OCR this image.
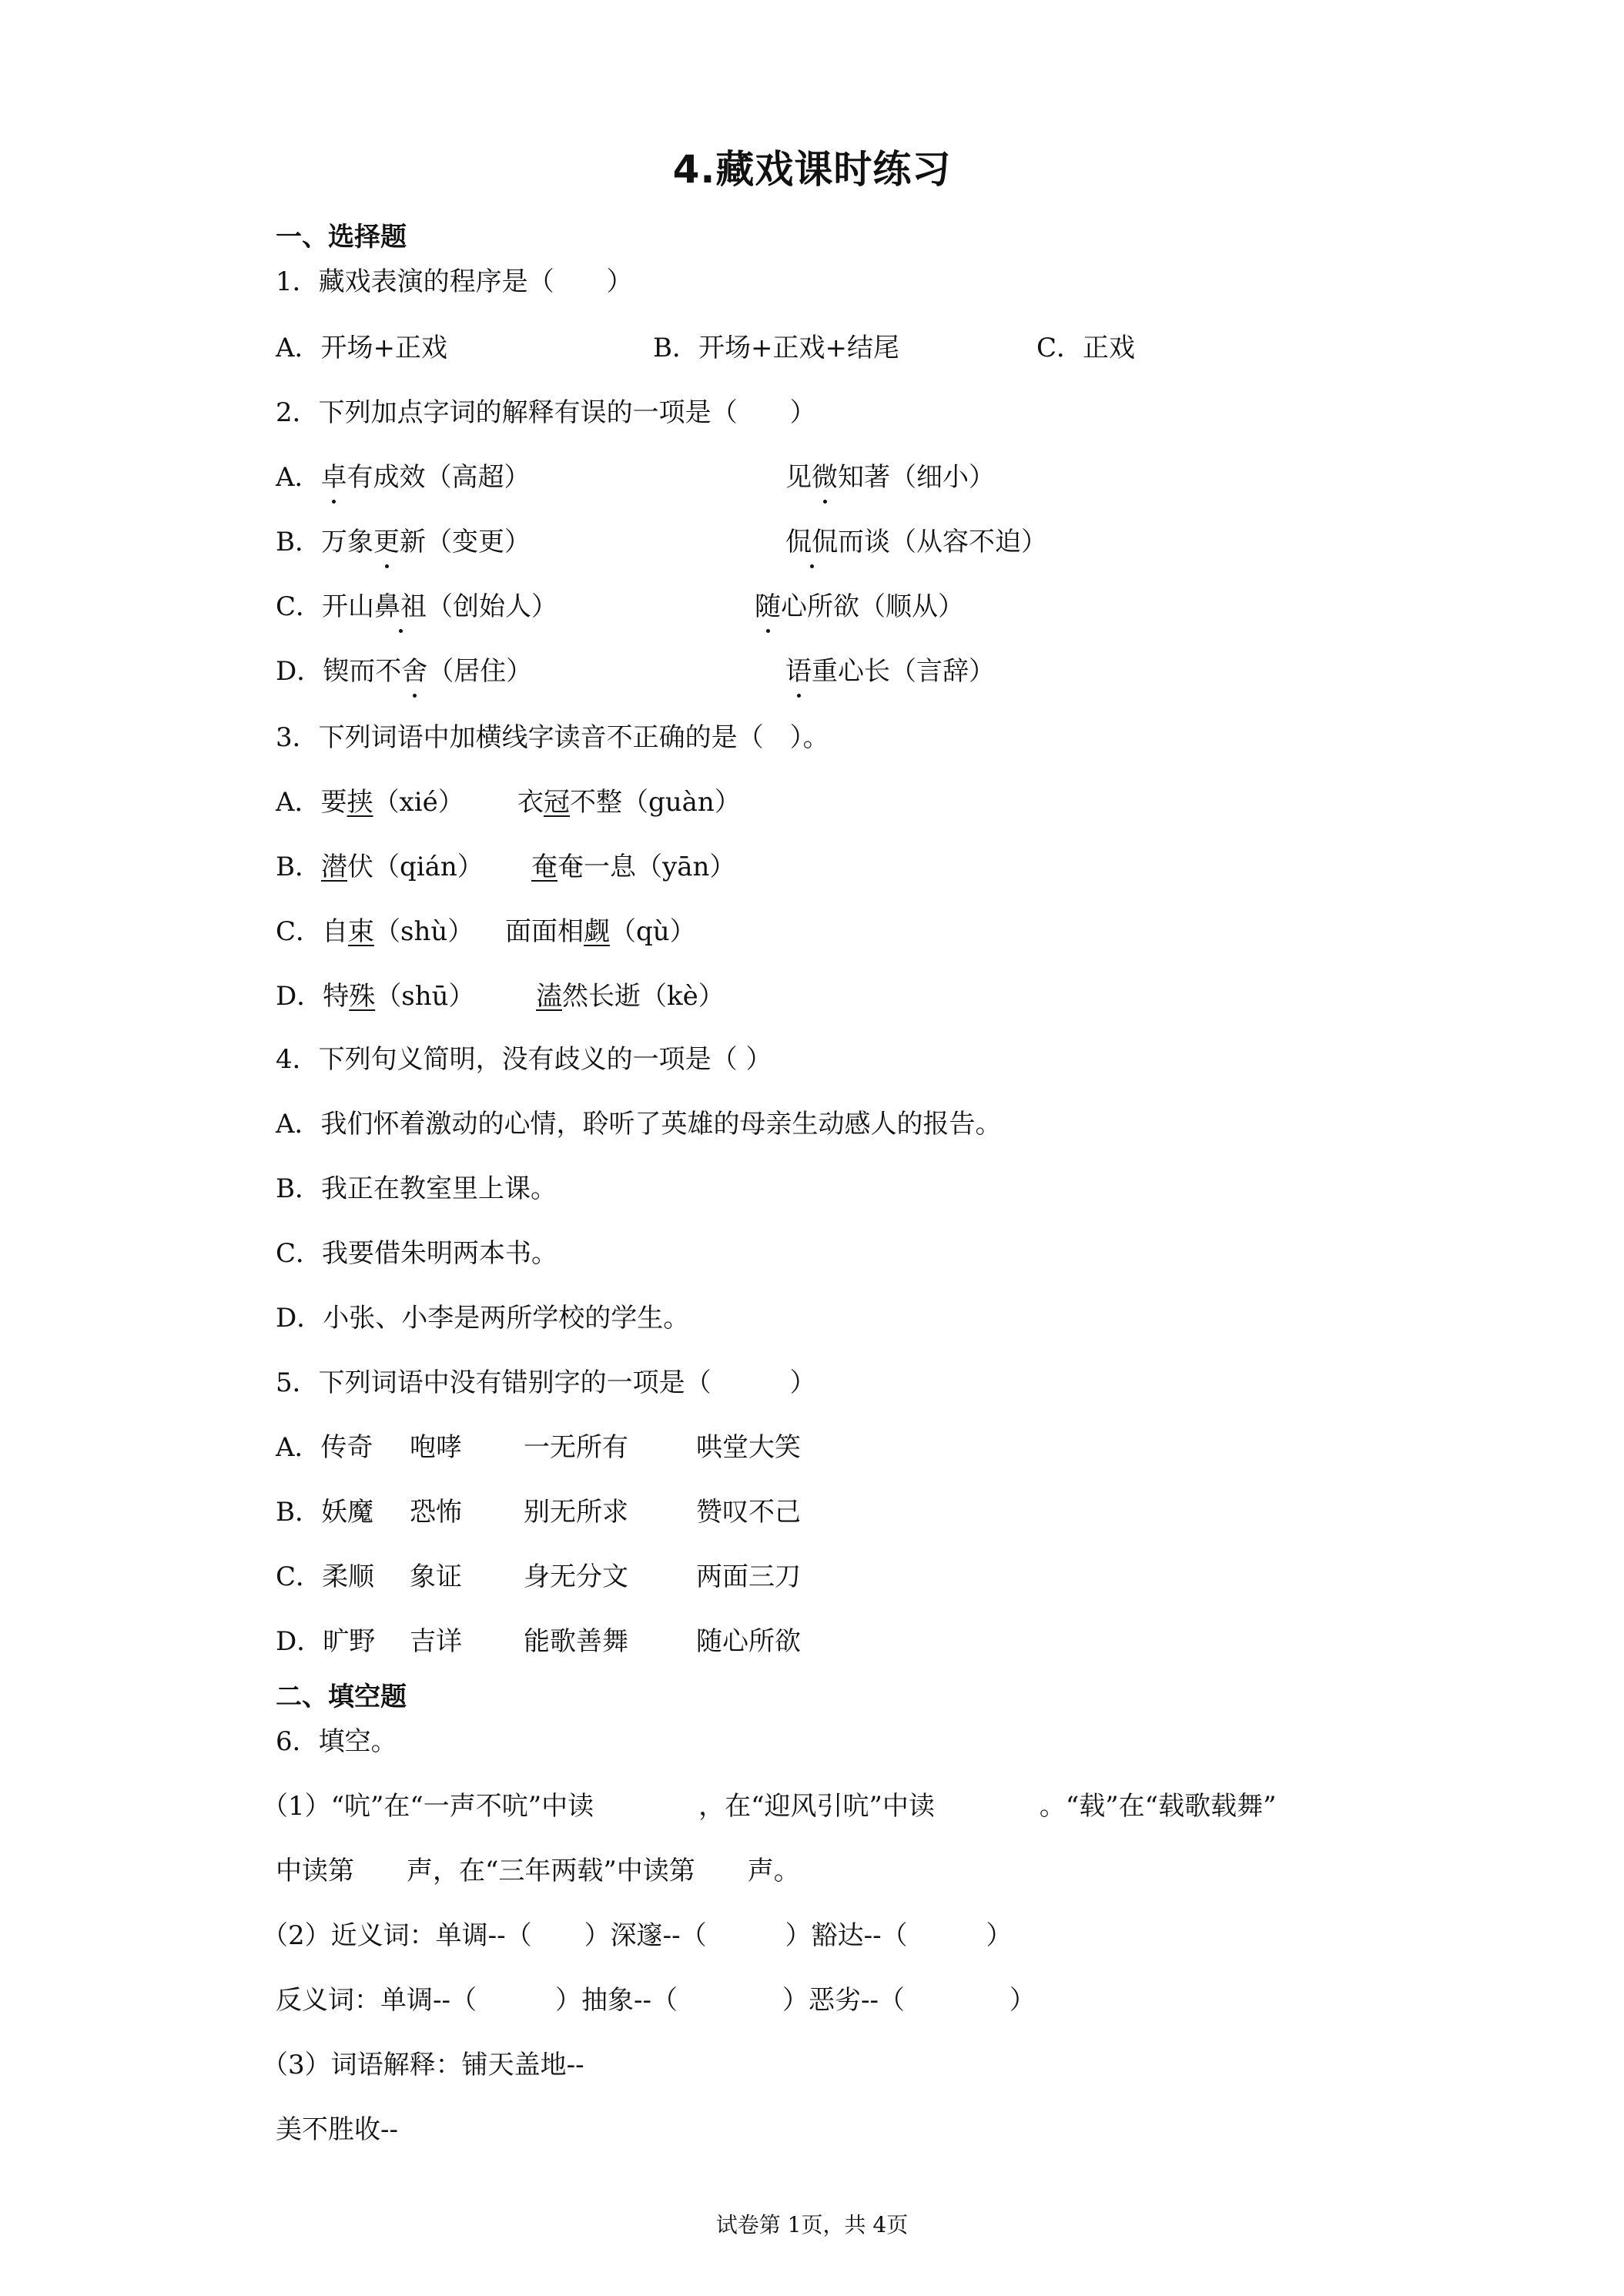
4.藏戏课时练习
一、选择题
1．藏戏表演的程序是（　　）
A．开场+正戏	B．开场+正戏+结尾	C．正戏
2．下列加点字词的解释有误的一项是（　　）
A．卓有成效（高超）	见微知著（细小）
B．万象更新（变更）	侃侃而谈（从容不迫）
C．开山鼻祖（创始人）	随心所欲（顺从）
D．锲而不舍（居住）	语重心长（言辞）
3．下列词语中加横线字读音不正确的是（　）。
A．要挟（xié） 衣冠不整（guàn）
B．潜伏（qián） 奄奄一息（yān）
C．自束（shù） 面面相觑（qù）
D．特殊（shū） 溘然长逝（kè）
4．下列句义简明，没有歧义的一项是（ ）
A．我们怀着激动的心情，聆听了英雄的母亲生动感人的报告。
B．我正在教室里上课。
C．我要借朱明两本书。
D．小张、小李是两所学校的学生。
5．下列词语中没有错别字的一项是（　　　）
A．传奇 咆哮 一无所有	哄堂大笑
B．妖魔 恐怖 别无所求	赞叹不己
C．柔顺 象证 身无分文	两面三刀
D．旷野 吉详 能歌善舞	随心所欲
二、填空题
6．填空。
（1）“吭”在“一声不吭”中读　　　　，在“迎风引吭”中读　　　　。“载”在“载歌载舞”
中读第　　声，在“三年两载”中读第　　声。
（2）近义词：单调--（　　）深邃--（　　　）豁达--（　　　）
反义词：单调--（　　　）抽象--（　　　　）恶劣--（　　　　）
（3）词语解释：铺天盖地--
美不胜收--
试卷第 1页，共 4页
